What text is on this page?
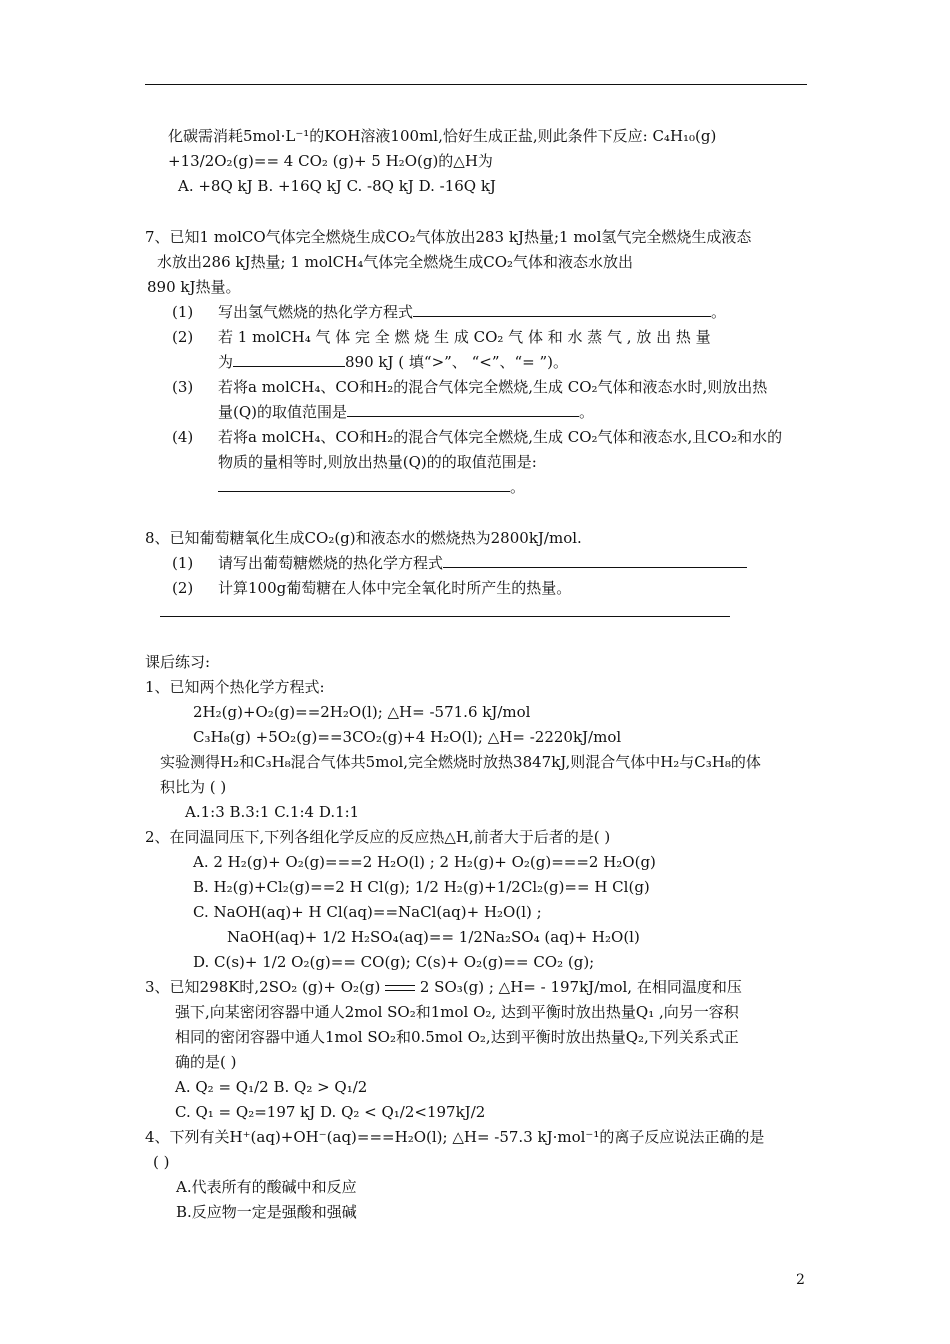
化碳需消耗5mol·L⁻¹的KOH溶液100ml,恰好生成正盐,则此条件下反应: C₄H₁₀(g)
+13/2O₂(g)== 4 CO₂ (g)+ 5 H₂O(g)的△H为
A. +8Q kJ B. +16Q kJ C. -8Q kJ D. -16Q kJ
7、已知1 molCO气体完全燃烧生成CO₂气体放出283 kJ热量;1 mol氢气完全燃烧生成液态
水放出286 kJ热量; 1 molCH₄气体完全燃烧生成CO₂气体和液态水放出
890 kJ热量。
(1) 写出氢气燃烧的热化学方程式	。
(2) 若 1 molCH₄ 气 体 完 全 燃 烧 生 成 CO₂ 气 体 和 水 蒸 气 , 放 出 热 量
为	890 kJ ( 填“>”、 “<”、“= ”)。
(3) 若将a molCH₄、CO和H₂的混合气体完全燃烧,生成 CO₂气体和液态水时,则放出热
量(Q)的取值范围是	。
(4) 若将a molCH₄、CO和H₂的混合气体完全燃烧,生成 CO₂气体和液态水,且CO₂和水的
物质的量相等时,则放出热量(Q)的的取值范围是:
。
8、已知葡萄糖氧化生成CO₂(g)和液态水的燃烧热为2800kJ/mol.
(1) 请写出葡萄糖燃烧的热化学方程式
(2) 计算100g葡萄糖在人体中完全氧化时所产生的热量。
课后练习:
1、已知两个热化学方程式:
2H₂(g)+O₂(g)==2H₂O(l); △H= -571.6 kJ/mol
C₃H₈(g) +5O₂(g)==3CO₂(g)+4 H₂O(l); △H= -2220kJ/mol
实验测得H₂和C₃H₈混合气体共5mol,完全燃烧时放热3847kJ,则混合气体中H₂与C₃H₈的体
积比为 ( )
A.1:3 B.3:1 C.1:4 D.1:1
2、在同温同压下,下列各组化学反应的反应热△H,前者大于后者的是( )
A. 2 H₂(g)+ O₂(g)===2 H₂O(l) ; 2 H₂(g)+ O₂(g)===2 H₂O(g)
B. H₂(g)+Cl₂(g)==2 H Cl(g); 1/2 H₂(g)+1/2Cl₂(g)== H Cl(g)
C. NaOH(aq)+ H Cl(aq)==NaCl(aq)+ H₂O(l) ;
NaOH(aq)+ 1/2 H₂SO₄(aq)== 1/2Na₂SO₄ (aq)+ H₂O(l)
D. C(s)+ 1/2 O₂(g)== CO(g); C(s)+ O₂(g)== CO₂ (g);
3、已知298K时,2SO₂ (g)+ O₂(g)	2 SO₃(g) ; △H= - 197kJ/mol, 在相同温度和压
强下,向某密闭容器中通人2mol SO₂和1mol O₂, 达到平衡时放出热量Q₁ ,向另一容积
相同的密闭容器中通人1mol SO₂和0.5mol O₂,达到平衡时放出热量Q₂,下列关系式正
确的是( )
A. Q₂ = Q₁/2 B. Q₂ > Q₁/2
C. Q₁ = Q₂=197 kJ D. Q₂ < Q₁/2<197kJ/2
4、下列有关H⁺(aq)+OH⁻(aq)===H₂O(l); △H= -57.3 kJ·mol⁻¹的离子反应说法正确的是
( )
A.代表所有的酸碱中和反应
B.反应物一定是强酸和强碱
2
